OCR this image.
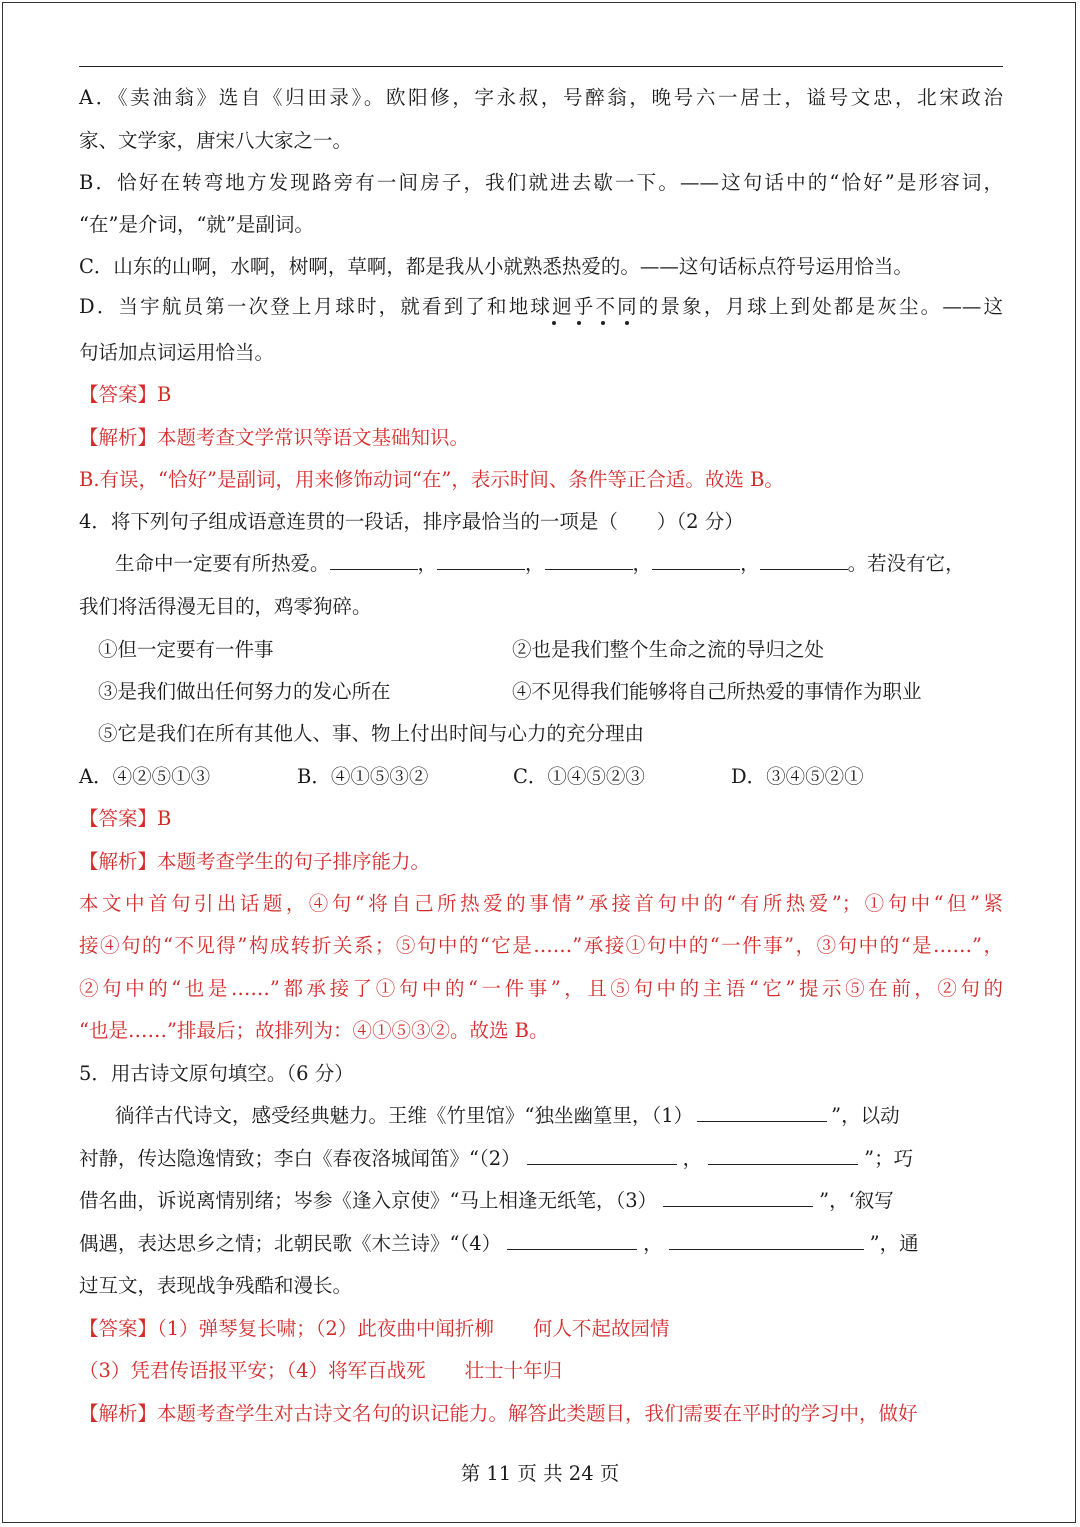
A．《卖油翁》选自《归田录》。欧阳修，字永叔，号醉翁，晚号六一居士，谥号文忠，北宋政治
家、文学家，唐宋八大家之一。
B．恰好在转弯地方发现路旁有一间房子，我们就进去歇一下。——这句话中的“恰好”是形容词，
“在”是介词，“就”是副词。
C．山东的山啊，水啊，树啊，草啊，都是我从小就熟悉热爱的。——这句话标点符号运用恰当。
D．当宇航员第一次登上月球时，就看到了和地球迥乎不同的景象，月球上到处都是灰尘。——这
句话加点词运用恰当。
【答案】B
【解析】本题考查文学常识等语文基础知识。
B.有误，“恰好”是副词，用来修饰动词“在”，表示时间、条件等正合适。故选 B。
4．将下列句子组成语意连贯的一段话，排序最恰当的一项是（　　）（2 分）
生命中一定要有所热爱。	，	，	，	，	。若没有它，
我们将活得漫无目的，鸡零狗碎。
①但一定要有一件事	②也是我们整个生命之流的导归之处
③是我们做出任何努力的发心所在	④不见得我们能够将自己所热爱的事情作为职业
⑤它是我们在所有其他人、事、物上付出时间与心力的充分理由
A．④②⑤①③	B．④①⑤③②	C．①④⑤②③	D．③④⑤②①
【答案】B
【解析】本题考查学生的句子排序能力。
本文中首句引出话题，④句“将自己所热爱的事情”承接首句中的“有所热爱”；①句中“但”紧
接④句的“不见得”构成转折关系；⑤句中的“它是……”承接①句中的“一件事”，③句中的“是……”，
②句中的“也是……”都承接了①句中的“一件事”，且⑤句中的主语“它”提示⑤在前，②句的
“也是……”排最后；故排列为：④①⑤③②。故选 B。
5．用古诗文原句填空。（6 分）
徜徉古代诗文，感受经典魅力。王维《竹里馆》“独坐幽篁里，（1）	”，以动
衬静，传达隐逸情致；李白《春夜洛城闻笛》“（2）	，	”；巧
借名曲，诉说离情别绪；岑参《逢入京使》“马上相逢无纸笔，（3）	”，‘叙写
偶遇，表达思乡之情；北朝民歌《木兰诗》“（4）	，	”，通
过互文，表现战争残酷和漫长。
【答案】（1）弹琴复长啸；（2）此夜曲中闻折柳　　何人不起故园情
（3）凭君传语报平安；（4）将军百战死　　壮士十年归
【解析】本题考查学生对古诗文名句的识记能力。解答此类题目，我们需要在平时的学习中，做好
第 11 页 共 24 页
